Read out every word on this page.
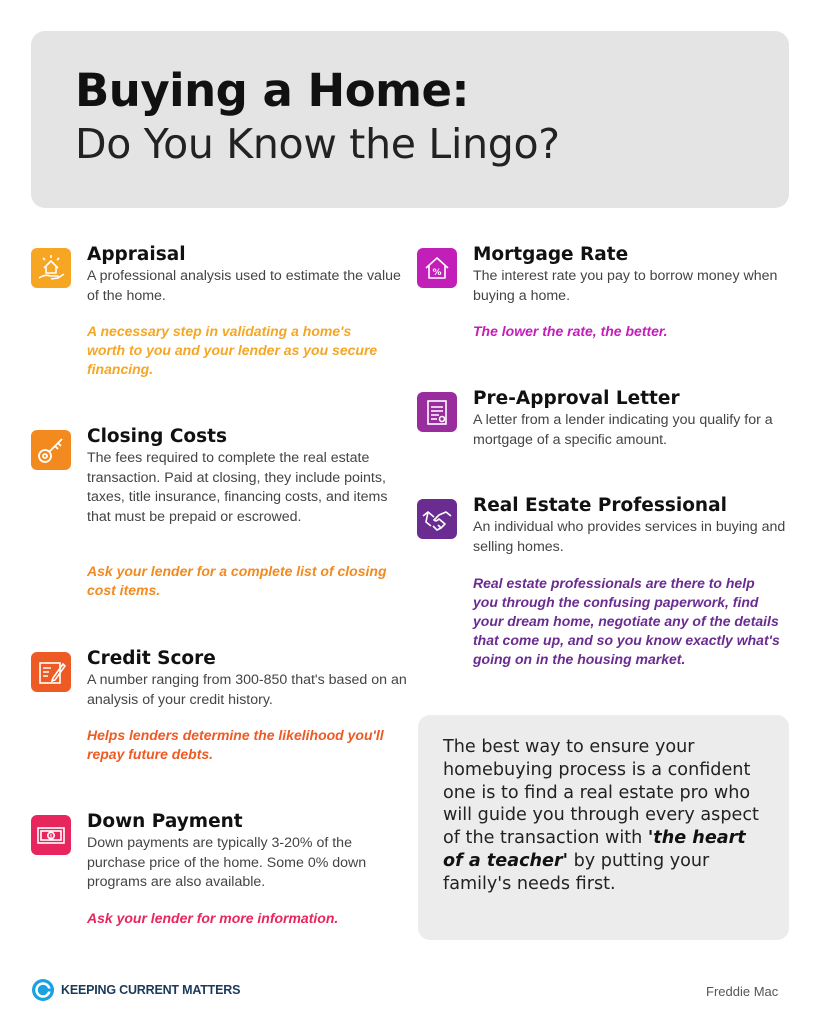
Buying a Home:
Do You Know the Lingo?
Appraisal
A professional analysis used to estimate the value of the home.
A necessary step in validating a home's worth to you and your lender as you secure financing.
Closing Costs
The fees required to complete the real estate transaction. Paid at closing, they include points, taxes, title insurance, financing costs, and items that must be prepaid or escrowed.
Ask your lender for a complete list of closing cost items.
Credit Score
A number ranging from 300-850 that's based on an analysis of your credit history.
Helps lenders determine the likelihood you'll repay future debts.
$
Down Payment
Down payments are typically 3-20% of the purchase price of the home. Some 0% down programs are also available.
Ask your lender for more information.
%
Mortgage Rate
The interest rate you pay to borrow money when buying a home.
The lower the rate, the better.
Pre-Approval Letter
A letter from a lender indicating you qualify for a mortgage of a specific amount.
Real Estate Professional
An individual who provides services in buying and selling homes.
Real estate professionals are there to help you through the confusing paperwork, find your dream home, negotiate any of the details that come up, and so you know exactly what's going on in the housing market.
The best way to ensure your homebuying process is a confident one is to find a real estate pro who will guide you through every aspect of the transaction with 'the heart of a teacher' by putting your family's needs first.
KEEPING CURRENT MATTERS	Freddie Mac
